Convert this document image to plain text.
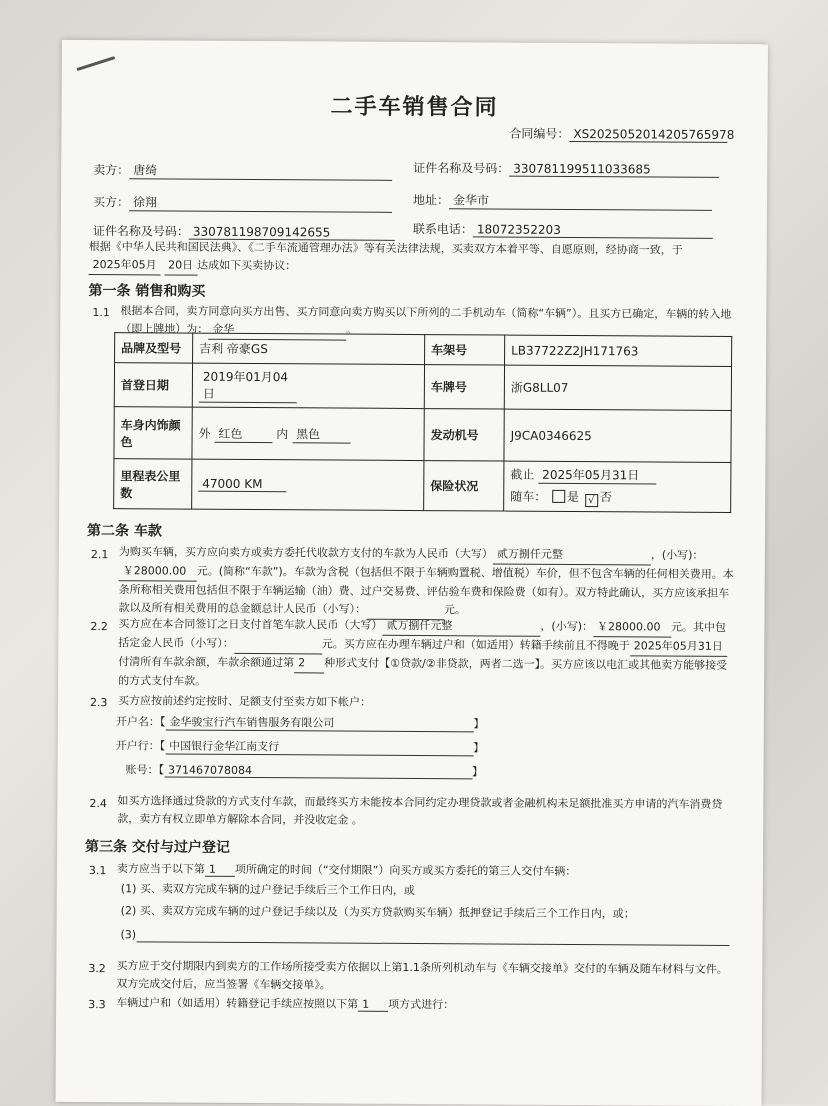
二手车销售合同
合同编号： XS2025052014205765978
卖方： 唐绮	证件名称及号码： 330781199511033685
买方： 徐翔	地址： 金华市
证件名称及号码： 330781198709142655	联系电话： 18072352203
根据《中华人民共和国民法典》、《二手车流通管理办法》等有关法律法规，买卖双方本着平等、自愿原则，经协商一致，于2025年05月 20日 达成如下买卖协议：
第一条 销售和购买
1.1 根据本合同，卖方同意向买方出售、买方同意向卖方购买以下所列的二手机动车（简称“车辆”）。且买方已确定，车辆的转入地（即上牌地）为： 金华	。
品牌及型号	吉利 帝豪GS	车架号	LB37722Z2JH171763
首登日期	2019年01月04日	车牌号	浙G8LL07
车身内饰颜色	外 红色 内 黑色	发动机号	J9CA0346625
里程表公里数	47000 KM	保险状况	截止 2025年05月31日
随车： 是 √ 否
第二条 车款
2.1 为购买车辆，买方应向卖方或卖方委托代收款方支付的车款为人民币（大写） 贰万捌仟元整	，(小写)： ￥28000.00 元。(简称“车款”)。车款为含税（包括但不限于车辆购置税、增值税）车价，但不包含车辆的任何相关费用。本条所称相关费用包括但不限于车辆运输（油）费、过户交易费、评估验车费和保险费（如有）。双方特此确认，买方应该承担车款以及所有相关费用的总金额总计人民币（小写）：	元。
2.2 买方应在本合同签订之日支付首笔车款人民币（大写） 贰万捌仟元整	，(小写)： ￥28000.00 元。其中包括定金人民币（小写）：	元。买方应在办理车辆过户和（如适用）转籍手续前且不得晚于 2025年05月31日付清所有车款余额，车款余额通过第 2 种形式支付【①贷款/②非贷款，两者二选一】。买方应该以电汇或其他卖方能够接受的方式支付车款。
2.3 买方应按前述约定按时、足额支付至卖方如下帐户：
开户名：【 金华骏宝行汽车销售服务有限公司	】
开户行：【 中国银行金华江南支行	】
账号：【 371467078084	】
2.4 如买方选择通过贷款的方式支付车款，而最终买方未能按本合同约定办理贷款或者金融机构未足额批准买方申请的汽车消费贷款，卖方有权立即单方解除本合同，并没收定金 。
第三条 交付与过户登记
3.1 卖方应当于以下第 1 项所确定的时间（“交付期限”）向买方或买方委托的第三人交付车辆：
(1) 买、卖双方完成车辆的过户登记手续后三个工作日内，或
(2) 买、卖双方完成车辆的过户登记手续以及（为买方贷款购买车辆）抵押登记手续后三个工作日内，或；
(3)
3.2 买方应于交付期限内到卖方的工作场所接受卖方依据以上第1.1条所列机动车与《车辆交接单》交付的车辆及随车材料与文件。双方完成交付后，应当签署《车辆交接单》。
3.3 车辆过户和（如适用）转籍登记手续应按照以下第 1 项方式进行：
